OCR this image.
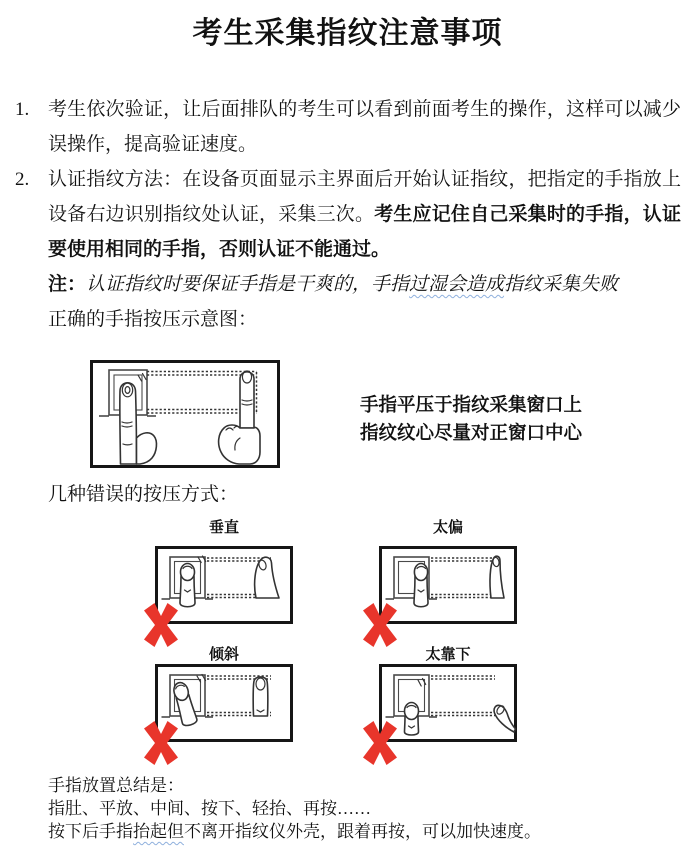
考生采集指纹注意事项
1. 考生依次验证，让后面排队的考生可以看到前面考生的操作，这样可以减少误操作，提高验证速度。
2. 认证指纹方法：在设备页面显示主界面后开始认证指纹，把指定的手指放上设备右边识别指纹处认证，采集三次。考生应记住自己采集时的手指，认证要使用相同的手指，否则认证不能通过。
注：认证指纹时要保证手指是干爽的，手指过湿会造成指纹采集失败
正确的手指按压示意图：
手指平压于指纹采集窗口上
指纹纹心尽量对正窗口中心
几种错误的按压方式：
垂直	太偏
倾斜	太靠下
手指放置总结是：
指肚、平放、中间、按下、轻抬、再按……
按下后手指抬起但不离开指纹仪外壳，跟着再按，可以加快速度。
